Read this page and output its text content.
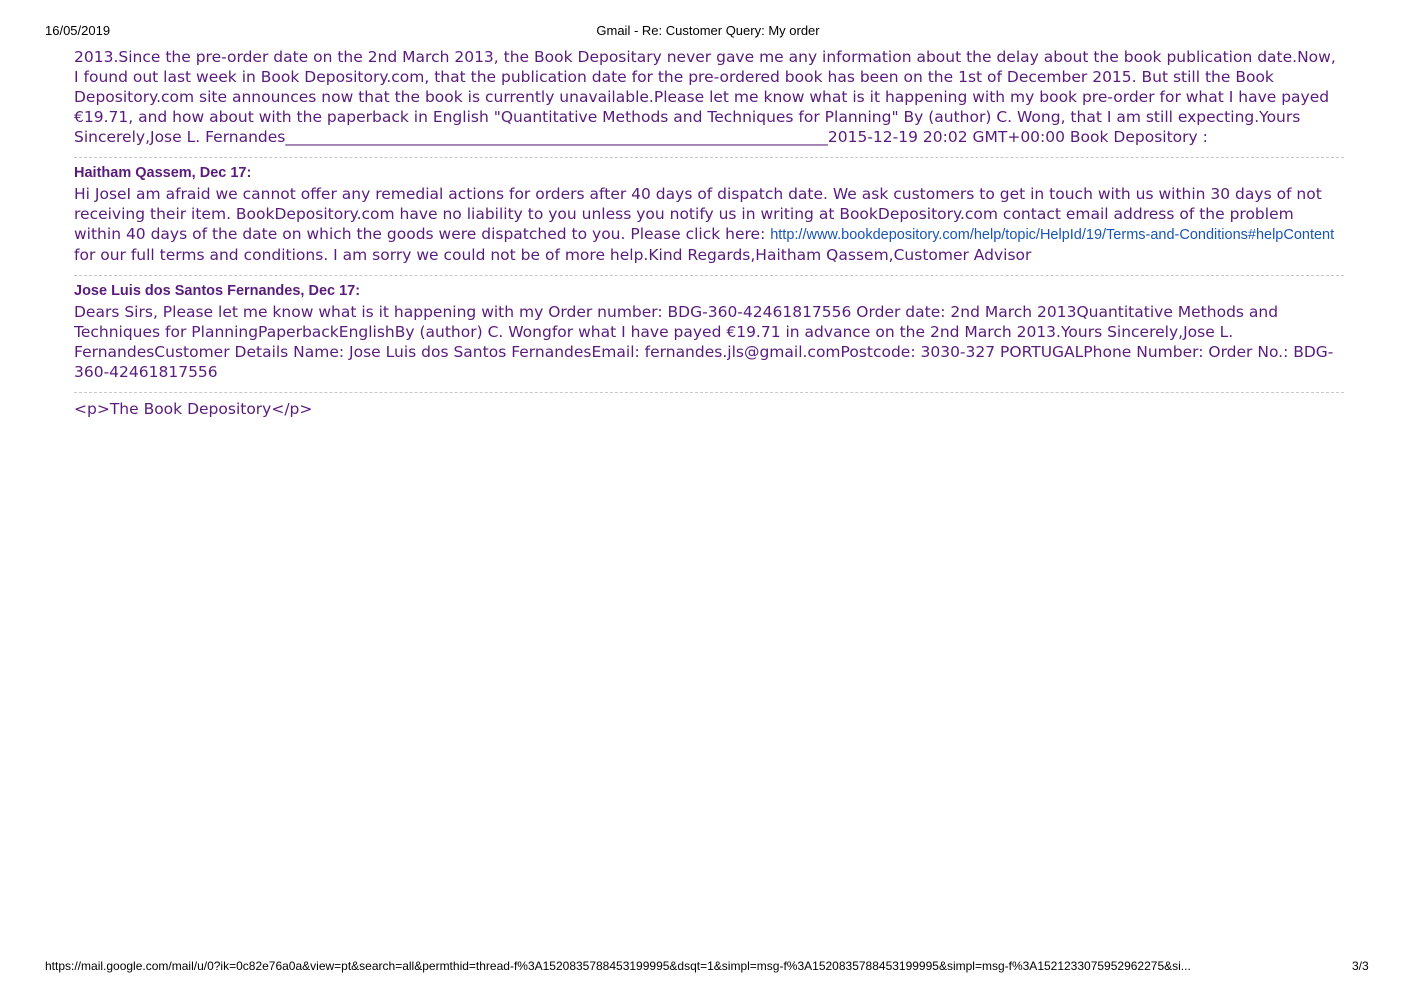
16/05/2019	Gmail - Re: Customer Query: My order

2013.Since the pre-order date on the 2nd March 2013, the Book Depositary never gave me any information about the delay about the book publication date.Now, I found out last week in Book Depository.com, that the publication date for the pre-ordered book has been on the 1st of December 2015. But still the Book Depository.com site announces now that the book is currently unavailable.Please let me know what is it happening with my book pre-order for what I have payed €19.71, and how about with the paperback in English "Quantitative Methods and Techniques for Planning" By (author) C. Wong, that I am still expecting.Yours Sincerely,Jose L. Fernandes______________________________________________________________________2015-12-19 20:02 GMT+00:00 Book Depository :

Haitham Qassem, Dec 17:

Hi JoseI am afraid we cannot offer any remedial actions for orders after 40 days of dispatch date. We ask customers to get in touch with us within 30 days of not receiving their item. BookDepository.com have no liability to you unless you notify us in writing at BookDepository.com contact email address of the problem within 40 days of the date on which the goods were dispatched to you. Please click here: http://www.bookdepository.com/help/topic/HelpId/19/Terms-and-Conditions#helpContent for our full terms and conditions. I am sorry we could not be of more help.Kind Regards,Haitham Qassem,Customer Advisor

Jose Luis dos Santos Fernandes, Dec 17:

Dears Sirs, Please let me know what is it happening with my Order number: BDG-360-42461817556 Order date: 2nd March 2013Quantitative Methods and Techniques for PlanningPaperbackEnglishBy (author) C. Wongfor what I have payed €19.71 in advance on the 2nd March 2013.Yours Sincerely,Jose L. FernandesCustomer Details Name: Jose Luis dos Santos FernandesEmail: fernandes.jls@gmail.comPostcode: 3030-327 PORTUGALPhone Number: Order No.: BDG-360-42461817556

<p>The Book Depository</p>
https://mail.google.com/mail/u/0?ik=0c82e76a0a&view=pt&search=all&permthid=thread-f%3A1520835788453199995&dsqt=1&simpl=msg-f%3A1520835788453199995&simpl=msg-f%3A1521233075952962275&si...	3/3
